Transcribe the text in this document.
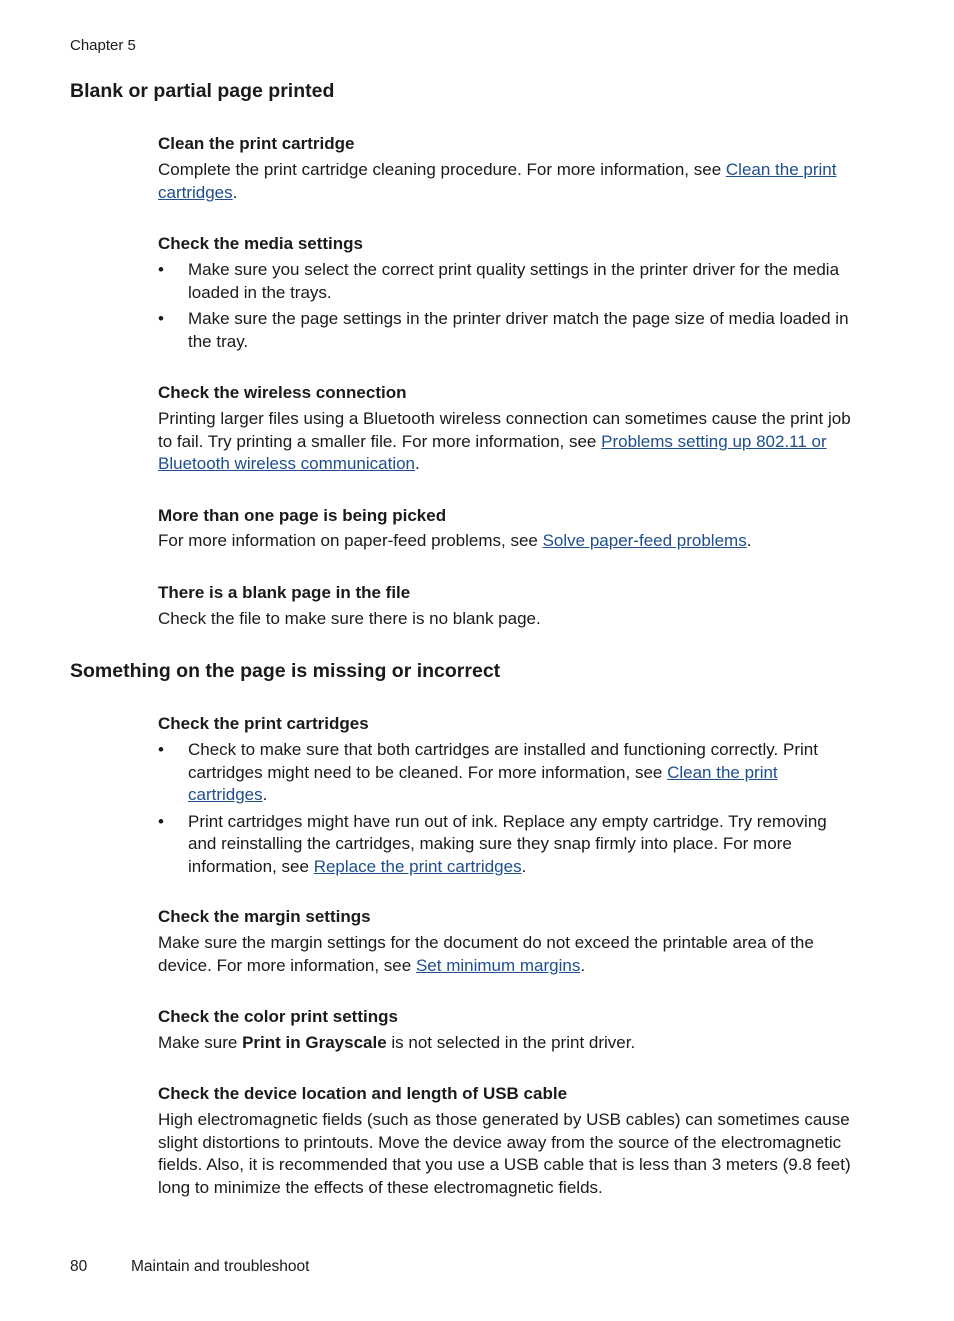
Chapter 5
Blank or partial page printed
Clean the print cartridge

Complete the print cartridge cleaning procedure. For more information, see Clean the print cartridges.

Check the media settings
• Make sure you select the correct print quality settings in the printer driver for the media loaded in the trays.
• Make sure the page settings in the printer driver match the page size of media loaded in the tray.
Check the wireless connection

Printing larger files using a Bluetooth wireless connection can sometimes cause the print job to fail. Try printing a smaller file. For more information, see Problems setting up 802.11 or Bluetooth wireless communication.

More than one page is being picked

For more information on paper-feed problems, see Solve paper-feed problems.

There is a blank page in the file

Check the file to make sure there is no blank page.

Something on the page is missing or incorrect
Check the print cartridges
• Check to make sure that both cartridges are installed and functioning correctly. Print cartridges might need to be cleaned. For more information, see Clean the print cartridges.
• Print cartridges might have run out of ink. Replace any empty cartridge. Try removing and reinstalling the cartridges, making sure they snap firmly into place. For more information, see Replace the print cartridges.
Check the margin settings

Make sure the margin settings for the document do not exceed the printable area of the device. For more information, see Set minimum margins.

Check the color print settings

Make sure Print in Grayscale is not selected in the print driver.

Check the device location and length of USB cable

High electromagnetic fields (such as those generated by USB cables) can sometimes cause slight distortions to printouts. Move the device away from the source of the electromagnetic fields. Also, it is recommended that you use a USB cable that is less than 3 meters (9.8 feet) long to minimize the effects of these electromagnetic fields.

80	Maintain and troubleshoot
